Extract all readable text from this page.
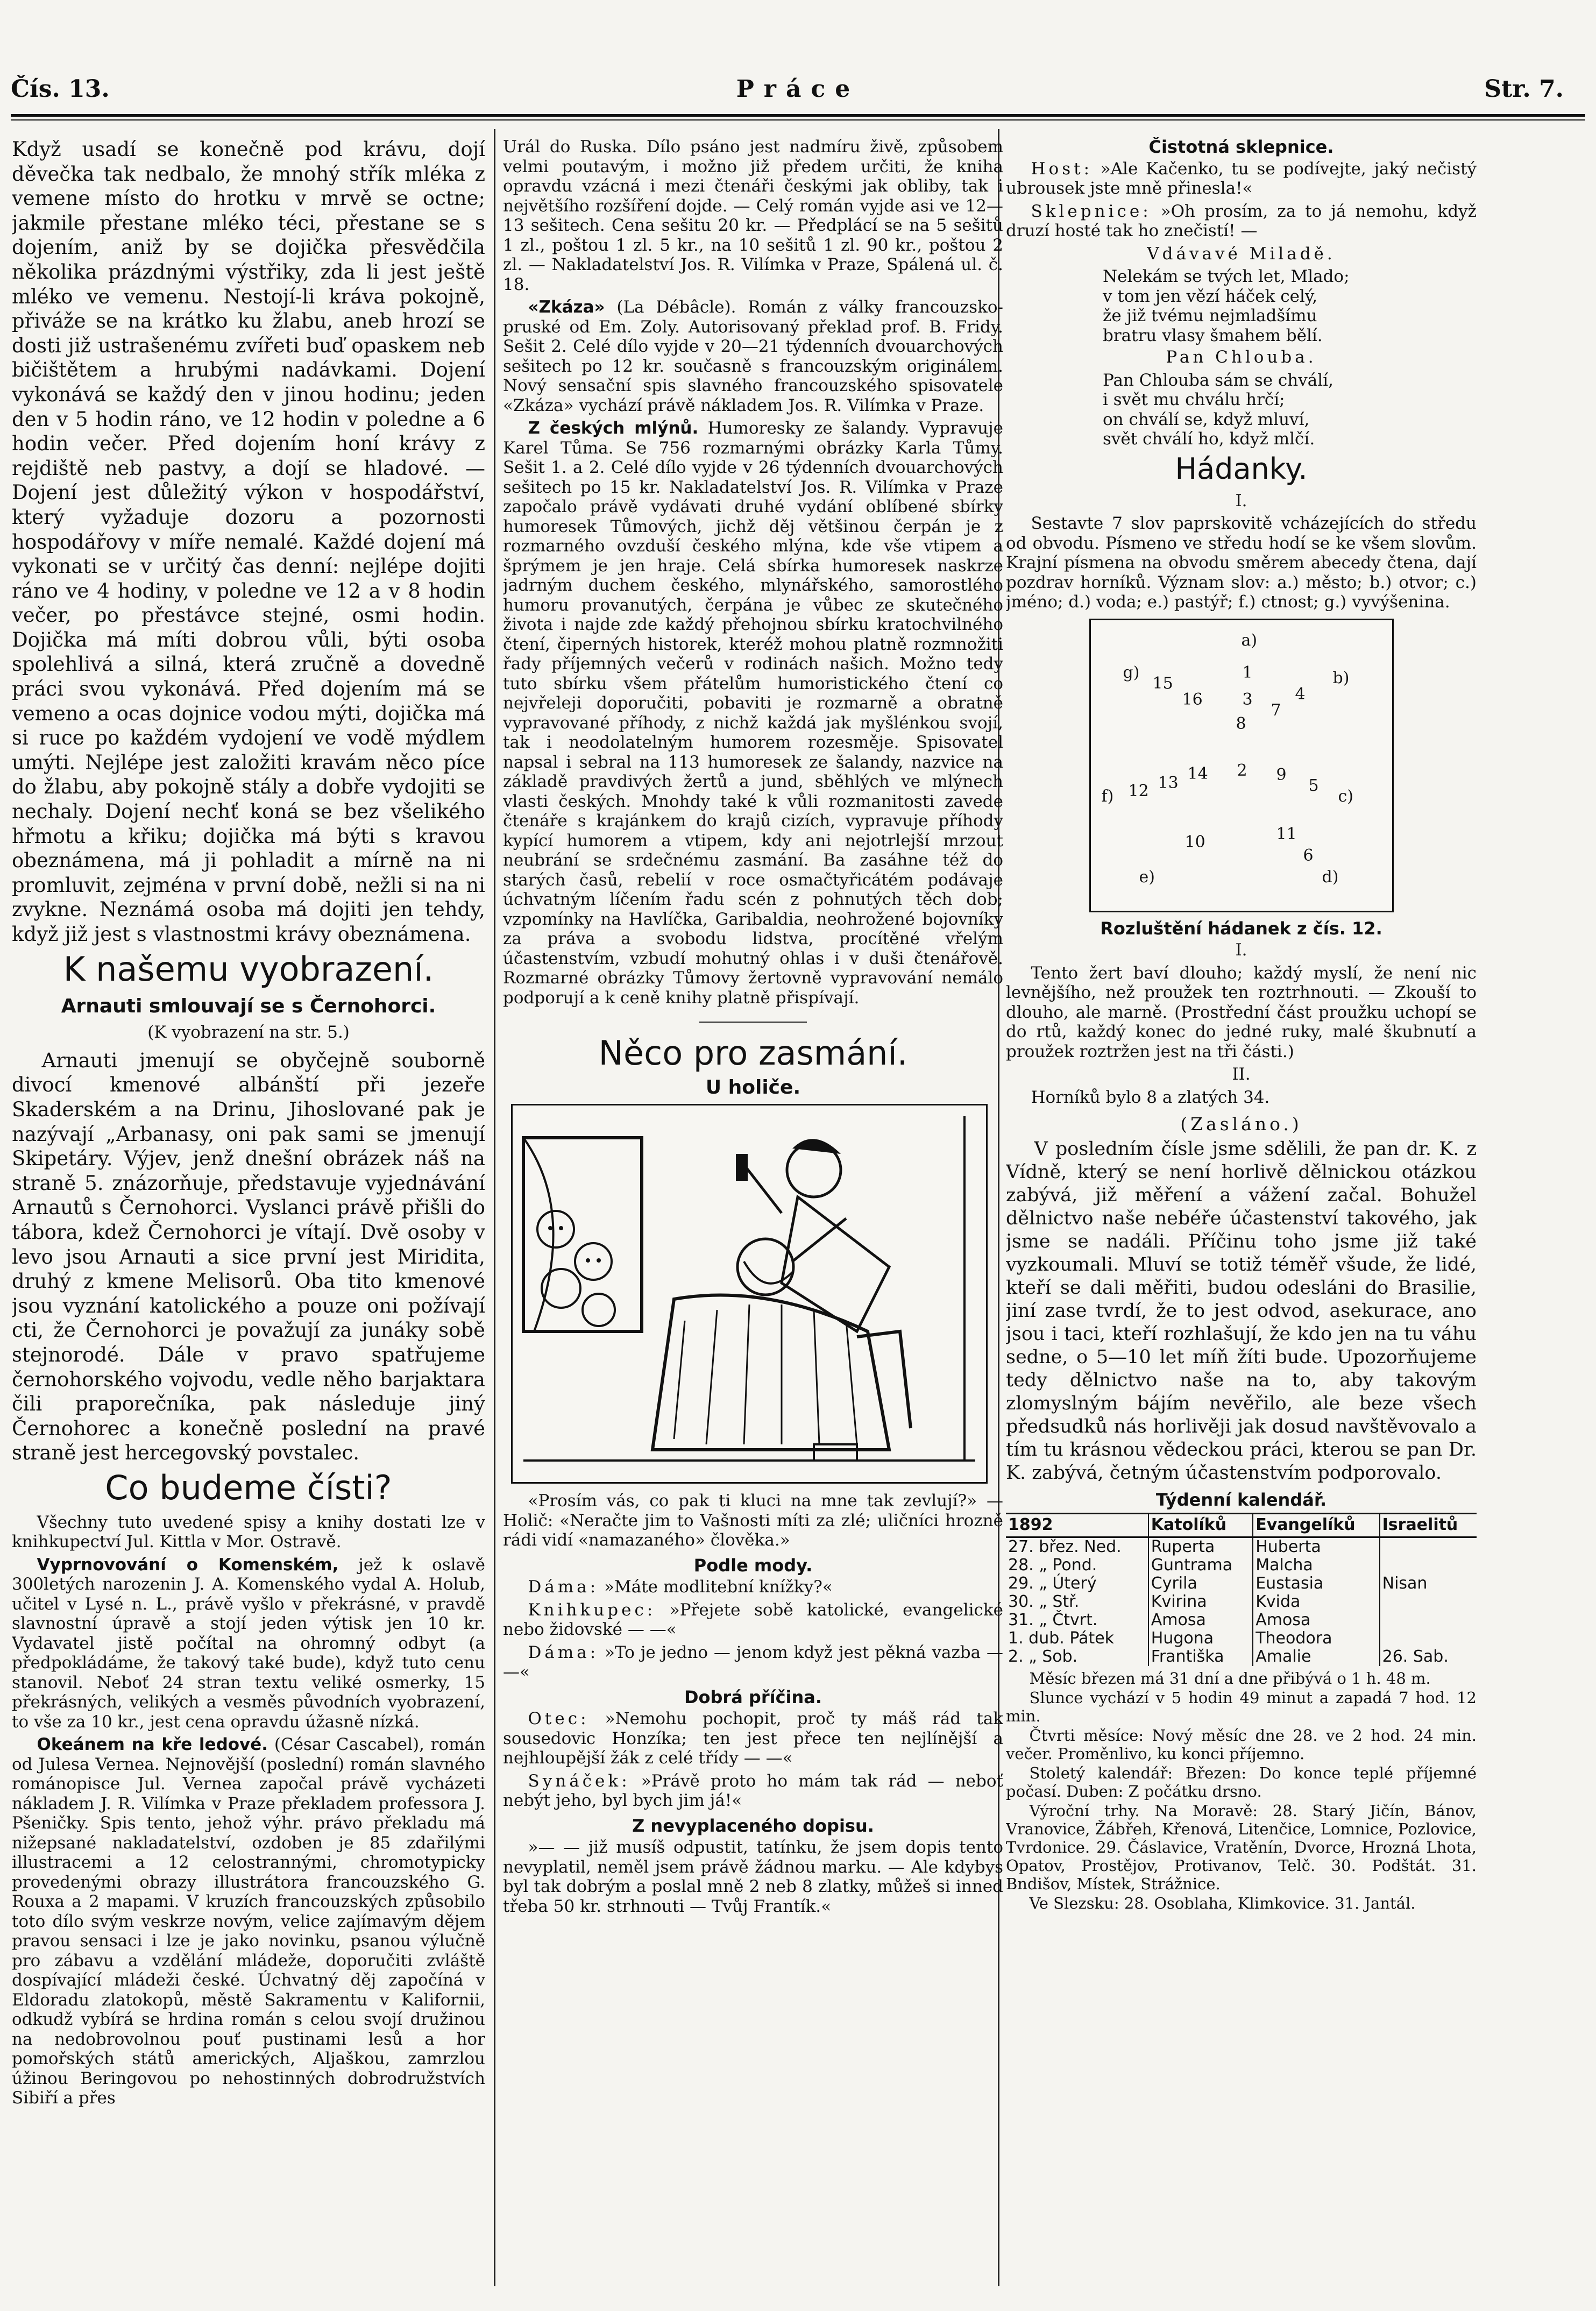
Čís. 13.	Práce	Str. 7.

Když usadí se konečně pod krávu, dojí děvečka tak nedbalo, že mnohý střík mléka z vemene místo do hrotku v mrvě se octne; jakmile přestane mléko téci, přestane se s dojením, aniž by se dojička přesvědčila několika prázdnými výstřiky, zda li jest ještě mléko ve vemenu. Nestojí-li kráva pokojně, přiváže se na krátko ku žlabu, aneb hrozí se dosti již ustrašenému zvířeti buď opaskem neb bičištětem a hrubými nadávkami. Dojení vykonává se každý den v jinou hodinu; jeden den v 5 hodin ráno, ve 12 hodin v poledne a 6 hodin večer. Před dojením honí krávy z rejdiště neb pastvy, a dojí se hladové. — Dojení jest důležitý výkon v hospodářství, který vyžaduje dozoru a pozornosti hospodářovy v míře nemalé. Každé dojení má vykonati se v určitý čas denní: nejlépe dojiti ráno ve 4 hodiny, v poledne ve 12 a v 8 hodin večer, po přestávce stejné, osmi hodin. Dojička má míti dobrou vůli, býti osoba spolehlivá a silná, která zručně a dovedně práci svou vykonává. Před dojením má se vemeno a ocas dojnice vodou mýti, dojička má si ruce po každém vydojení ve vodě mýdlem umýti. Nejlépe jest založiti kravám něco píce do žlabu, aby pokojně stály a dobře vydojiti se nechaly. Dojení nechť koná se bez všelikého hřmotu a křiku; dojička má býti s kravou obeznámena, má ji pohladit a mírně na ni promluvit, zejména v první době, nežli si na ni zvykne. Neznámá osoba má dojiti jen tehdy, když již jest s vlastnostmi krávy obeznámena.

K našemu vyobrazení.
Arnauti smlouvají se s Černohorci.

(K vyobrazení na str. 5.)

Arnauti jmenují se obyčejně souborně divocí kmenové albánští při jezeře Skaderském a na Drinu, Jihoslované pak je nazývají „Arbanasy, oni pak sami se jmenují Skipetáry. Výjev, jenž dnešní obrázek náš na straně 5. znázorňuje, představuje vyjednávání Arnautů s Černohorci. Vyslanci právě přišli do tábora, kdež Černohorci je vítají. Dvě osoby v levo jsou Arnauti a sice první jest Miridita, druhý z kmene Melisorů. Oba tito kmenové jsou vyznání katolického a pouze oni požívají cti, že Černohorci je považují za junáky sobě stejnorodé. Dále v pravo spatřujeme černohorského vojvodu, vedle něho barjaktara čili praporečníka, pak následuje jiný Černohorec a konečně poslední na pravé straně jest hercegovský povstalec.

Co budeme čísti?

Všechny tuto uvedené spisy a knihy dostati lze v knihkupectví Jul. Kittla v Mor. Ostravě.

Vyprnovování o Komenském, jež k oslavě 300letých narozenin J. A. Komenského vydal A. Holub, učitel v Lysé n. L., právě vyšlo v překrásné, v pravdě slavnostní úpravě a stojí jeden výtisk jen 10 kr. Vydavatel jistě počítal na ohromný odbyt (a předpokládáme, že takový také bude), když tuto cenu stanovil. Neboť 24 stran textu veliké osmerky, 15 překrásných, velikých a vesměs původních vyobrazení, to vše za 10 kr., jest cena opravdu úžasně nízká.

Okeánem na kře ledové. (César Cascabel), román od Julesa Vernea. Nejnovější (poslední) román slavného románopisce Jul. Vernea započal právě vycházeti nákladem J. R. Vilímka v Praze překladem professora J. Pšeničky. Spis tento, jehož výhr. právo překladu má nižepsané nakladatelství, ozdoben je 85 zdařilými illustracemi a 12 celostrannými, chromotypicky provedenými obrazy illustrátora francouzského G. Rouxa a 2 mapami. V kruzích francouzských způsobilo toto dílo svým veskrze novým, velice zajímavým dějem pravou sensaci i lze je jako novinku, psanou výlučně pro zábavu a vzdělání mládeže, doporučiti zvláště dospívající mládeži české. Úchvatný děj započíná v Eldoradu zlatokopů, městě Sakramentu v Kalifornii, odkudž vybírá se hrdina román s celou svojí družinou na nedobrovolnou pouť pustinami lesů a hor pomořských států amerických, Aljaškou, zamrzlou úžinou Beringovou po nehostinných dobrodružstvích Sibiří a přes

Urál do Ruska. Dílo psáno jest nadmíru živě, způsobem velmi poutavým, i možno již předem určiti, že kniha opravdu vzácná i mezi čtenáři českými jak obliby, tak i největšího rozšíření dojde. — Celý román vyjde asi ve 12—13 sešitech. Cena sešitu 20 kr. — Předplácí se na 5 sešitů 1 zl., poštou 1 zl. 5 kr., na 10 sešitů 1 zl. 90 kr., poštou 2 zl. — Nakladatelství Jos. R. Vilímka v Praze, Spálená ul. č. 18.

«Zkáza» (La Débâcle). Román z války francouzsko-pruské od Em. Zoly. Autorisovaný překlad prof. B. Fridy. Sešit 2. Celé dílo vyjde v 20—21 týdenních dvouarchových sešitech po 12 kr. současně s francouzským originálem. Nový sensační spis slavného francouzského spisovatele «Zkáza» vychází právě nákladem Jos. R. Vilímka v Praze.

Z českých mlýnů. Humoresky ze šalandy. Vypravuje Karel Tůma. Se 756 rozmarnými obrázky Karla Tůmy. Sešit 1. a 2. Celé dílo vyjde v 26 týdenních dvouarchových sešitech po 15 kr. Nakladatelství Jos. R. Vilímka v Praze započalo právě vydávati druhé vydání oblíbené sbírky humoresek Tůmových, jichž děj většinou čerpán je z rozmarného ovzduší českého mlýna, kde vše vtipem a šprýmem je jen hraje. Celá sbírka humoresek naskrze jadrným duchem českého, mlynářského, samorostlého humoru provanutých, čerpána je vůbec ze skutečného života i najde zde každý přehojnou sbírku kratochvilného čtení, čiperných historek, kteréž mohou platně rozmnožiti řady příjemných večerů v rodinách našich. Možno tedy tuto sbírku všem přátelům humoristického čtení co nejvřeleji doporučiti, pobaviti je rozmarně a obratně vypravované příhody, z nichž každá jak myšlénkou svojí, tak i neodolatelným humorem rozesměje. Spisovatel napsal i sebral na 113 humoresek ze šalandy, nazvice na základě pravdivých žertů a jund, sběhlých ve mlýnech vlasti českých. Mnohdy také k vůli rozmanitosti zavede čtenáře s krajánkem do krajů cizích, vypravuje příhody kypící humorem a vtipem, kdy ani nejotrlejší mrzout neubrání se srdečnému zasmání. Ba zasáhne též do starých časů, rebelií v roce osmačtyřicátém podávaje úchvatným líčením řadu scén z pohnutých těch dob; vzpomínky na Havlíčka, Garibaldia, neohrožené bojovníky za práva a svobodu lidstva, procítěné vřelým účastenstvím, vzbudí mohutný ohlas i v duši čtenářově. Rozmarné obrázky Tůmovy žertovně vypravování nemálo podporují a k ceně knihy platně přispívají.

Něco pro zasmání.
U holiče.

«Prosím vás, co pak ti kluci na mne tak zevlují?» — Holič: «Neračte jim to Vašnosti míti za zlé; uličníci hrozně rádi vidí «namazaného» člověka.»

Podle mody.

Dáma: »Máte modlitební knížky?«

Knihkupec: »Přejete sobě katolické, evangelické nebo židovské — —«

Dáma: »To je jedno — jenom když jest pěkná vazba — —«

Dobrá příčina.

Otec: »Nemohu pochopit, proč ty máš rád tak sousedovic Honzíka; ten jest přece ten nejlínější a nejhloupější žák z celé třídy — —«

Synáček: »Právě proto ho mám tak rád — neboť nebýt jeho, byl bych jim já!«

Z nevyplaceného dopisu.

»— — již musíš odpustit, tatínku, že jsem dopis tento nevyplatil, neměl jsem právě žádnou marku. — Ale kdybys byl tak dobrým a poslal mně 2 neb 8 zlatky, můžeš si inned třeba 50 kr. strhnouti — Tvůj Frantík.«

Čistotná sklepnice.

Host: »Ale Kačenko, tu se podívejte, jaký nečistý ubrousek jste mně přinesla!«

Sklepnice: »Oh prosím, za to já nemohu, když druzí hosté tak ho znečistí! —

Vdávavé Miladě.

Nelekám se tvých let, Mlado;
v tom jen vězí háček celý,
že již tvému nejmladšímu
bratru vlasy šmahem bělí.

Pan Chlouba.

Pan Chlouba sám se chválí,
i svět mu chválu hrčí;
on chválí se, když mluví,
svět chválí ho, když mlčí.
Hádanky.

I.

Sestavte 7 slov paprskovitě vcházejících do středu od obvodu. Písmeno ve středu hodí se ke všem slovům. Krajní písmena na obvodu směrem abecedy čtena, dají pozdrav horníků. Význam slov: a.) město; b.) otvor; c.) jméno; d.) voda; e.) pastýř; f.) ctnost; g.) vyvýšenina.

a)
1
3
8
15
16
g)
4
7
b)
12 13 14 2 9
5
f)	c)
10	11
6
e)	d)
Rozluštění hádanek z čís. 12.

I.

Tento žert baví dlouho; každý myslí, že není nic levnějšího, než proužek ten roztrhnouti. — Zkouší to dlouho, ale marně. (Prostřední část proužku uchopí se do rtů, každý konec do jedné ruky, malé škubnutí a proužek roztržen jest na tři části.)

II.

Horníků bylo 8 a zlatých 34.

(Zasláno.)

V posledním čísle jsme sdělili, že pan dr. K. z Vídně, který se není horlivě dělnickou otázkou zabývá, již měření a vážení začal. Bohužel dělnictvo naše nebéře účastenství takového, jak jsme se nadáli. Příčinu toho jsme již také vyzkoumali. Mluví se totiž téměř všude, že lidé, kteří se dali měřiti, budou odesláni do Brasilie, jiní zase tvrdí, že to jest odvod, asekurace, ano jsou i taci, kteří rozhlašují, že kdo jen na tu váhu sedne, o 5—10 let míň žíti bude. Upozorňujeme tedy dělnictvo naše na to, aby takovým zlomyslným bájím nevěřilo, ale beze všech předsudků nás horlivěji jak dosud navštěvovalo a tím tu krásnou vědeckou práci, kterou se pan Dr. K. zabývá, četným účastenstvím podporovalo.

Týdenní kalendář.
1892	Katolíků	Evangelíků	Israelitů
27. břez. Ned.	Ruperta	Huberta	
28. „ Pond.	Guntrama	Malcha	
29. „ Úterý	Cyrila	Eustasia	Nisan
30. „ Stř.	Kvirina	Kvida	
31. „ Čtvrt.	Amosa	Amosa	
1. dub. Pátek	Hugona	Theodora	
2. „ Sob.	Františka	Amalie	26. Sab.

Měsíc březen má 31 dní a dne přibývá o 1 h. 48 m.

Slunce vychází v 5 hodin 49 minut a zapadá 7 hod. 12 min.

Čtvrti měsíce: Nový měsíc dne 28. ve 2 hod. 24 min. večer. Proměnlivo, ku konci příjemno.

Stoletý kalendář: Březen: Do konce teplé příjemné počasí. Duben: Z počátku drsno.

Výroční trhy. Na Moravě: 28. Starý Jičín, Bánov, Vranovice, Žábřeh, Křenová, Litenčice, Lomnice, Pozlovice, Tvrdonice. 29. Čáslavice, Vratěnín, Dvorce, Hrozná Lhota, Opatov, Prostějov, Protivanov, Telč. 30. Podštát. 31. Bndišov, Místek, Strážnice.

Ve Slezsku: 28. Osoblaha, Klimkovice. 31. Jantál.
